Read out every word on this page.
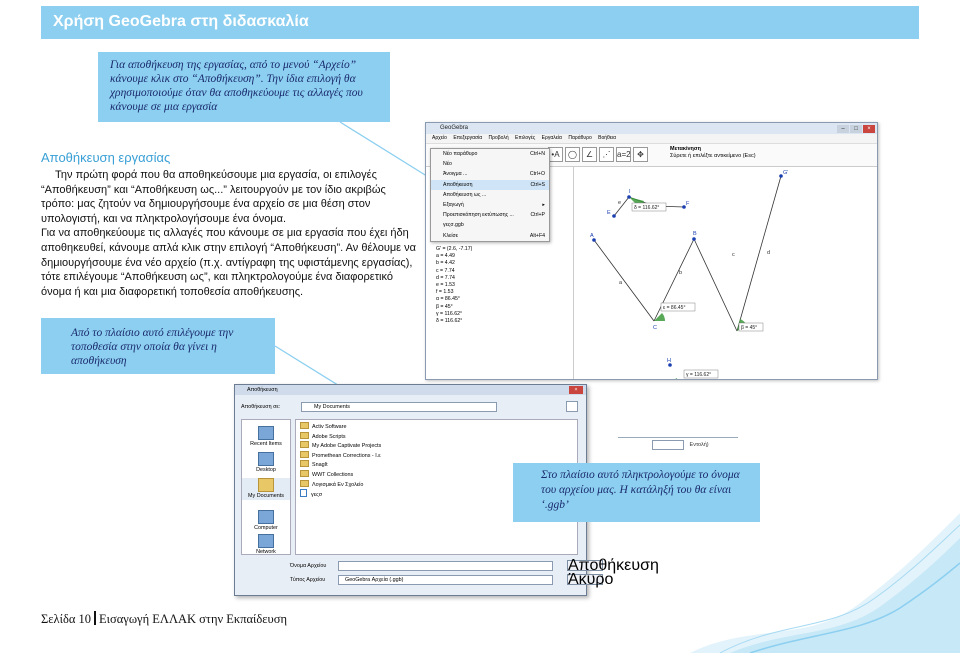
Χρήση GeoGebra στη διδασκαλία
Για αποθήκευση της εργασίας, από το μενού “Αρχείο” κάνουμε κλικ στο “Αποθήκευση”. Την ίδια επιλογή θα χρησιμοποιούμε όταν θα αποθηκεύουμε τις αλλαγές που κάνουμε σε μια εργασία
Αποθήκευση εργασίας

Την πρώτη φορά που θα αποθηκεύσουμε μια εργασία, οι επιλογές “Αποθήκευση” και “Αποθήκευση ως...” λειτουργούν με τον ίδιο ακριβώς τρόπο: μας ζητούν να δημιουργήσουμε ένα αρχείο σε μια θέση στον υπολογιστή, και να πληκτρολογήσουμε ένα όνομα.

Για να αποθηκεύουμε τις αλλαγές που κάνουμε σε μια εργασία που έχει ήδη αποθηκευθεί, κάνουμε απλά κλικ στην επιλογή “Αποθήκευση”. Αν θέλουμε να δημιουργήσουμε ένα νέο αρχείο (π.χ. αντίγραφη της υφιστάμενης εργασίας), τότε επιλέγουμε “Αποθήκευση ως”, και πληκτρολογούμε ένα διαφορετικό όνομα ή και μια διαφορετική τοποθεσία αποθήκευσης.

Από το πλαίσιο αυτό επιλέγουμε την τοποθεσία στην οποία θα γίνει η αποθήκευση
GeoGebra	– □ ×
Αρχείο Επεξεργασία Προβολή Επιλογές Εργαλεία Παράθυρο Βοήθεια
•A	◯	∠	⋰ a=2 ✥
Μετακίνηση
Σύρετε ή επιλέξτε αντικείμενο (Esc)
G' = (2.6, -7.17)
a = 4.49
b = 4.42
c = 7.74
d = 7.74
e = 1.53
f = 1.53
α = 86.45°
β = 45°
γ = 116.62°
δ = 116.62°
Νέο παράθυρο	Ctrl+N
Νέο
Άνοιγμα ...	Ctrl+O
Αποθήκευση	Ctrl+S
Αποθήκευση ως ...
Εξαγωγή	▸
Προεπισκόπηση εκτύπωσης ...	Ctrl+P
γεςσ.ggb
Κλείσε	Alt+F4
δ = 116.62°
ε = 86.45°
β = 45°
γ = 116.62°
G'
I
E
F
A	B
C
H
a
b
c	d
e
Αποθήκευση	×
Αποθήκευση σε:	My Documents
Recent Items
Desktop
My Documents
Computer
Network
Activ Software
Adobe Scripts
My Adobe Captivate Projects
Promethean Corrections - Ι.ε
SnagIt
WWT Collections
Λογισμικά Εν Σχολείο
γεςσ
Όνομα Αρχείου
Τύπος Αρχείου	GeoGebra Αρχεία (.ggb)
Αποθήκευση
Άκυρο
Εντολή)
Στο πλαίσιο αυτό πληκτρολογούμε το όνομα του αρχείου μας. Η κατάληξή του θα είναι ‘.ggb’
Σελίδα 10 Εισαγωγή ΕΛΛΑΚ στην Εκπαίδευση
